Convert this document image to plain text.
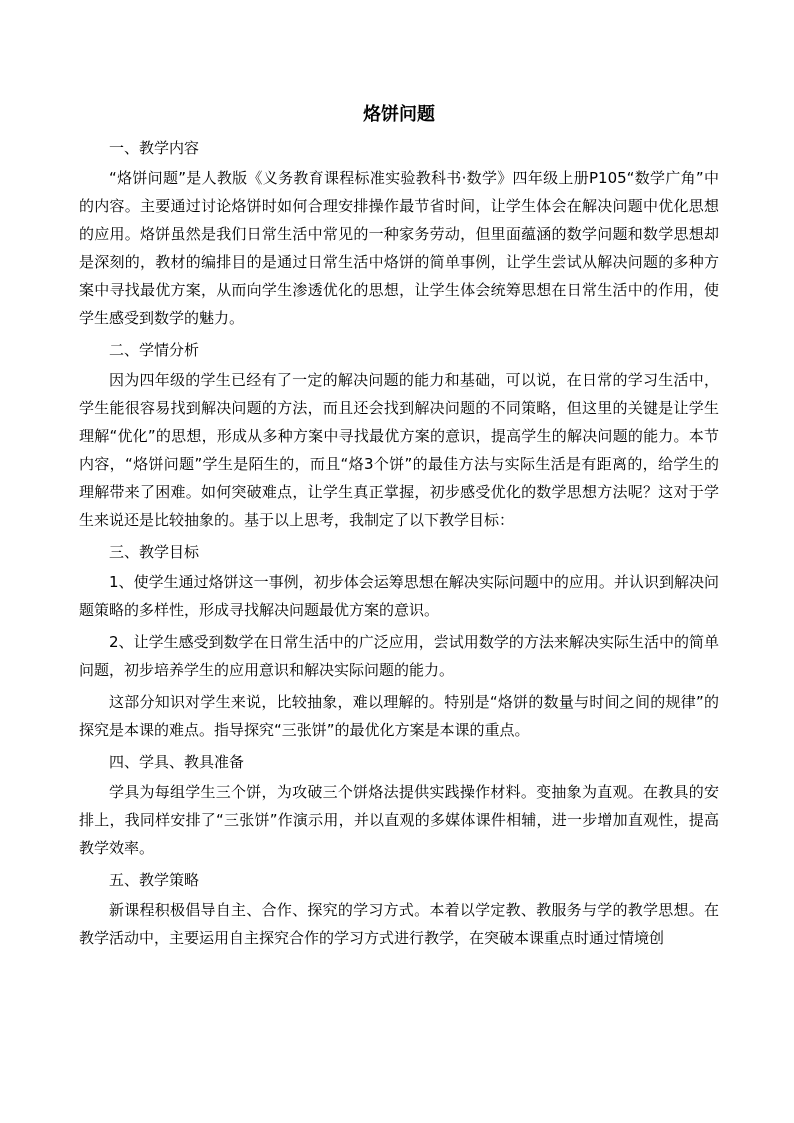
烙饼问题
一、教学内容

“烙饼问题”是人教版《义务教育课程标准实验教科书·数学》四年级上册P105“数学广角”中的内容。主要通过讨论烙饼时如何合理安排操作最节省时间，让学生体会在解决问题中优化思想的应用。烙饼虽然是我们日常生活中常见的一种家务劳动，但里面蕴涵的数学问题和数学思想却是深刻的，教材的编排目的是通过日常生活中烙饼的简单事例，让学生尝试从解决问题的多种方案中寻找最优方案，从而向学生渗透优化的思想，让学生体会统筹思想在日常生活中的作用，使学生感受到数学的魅力。

二、学情分析

因为四年级的学生已经有了一定的解决问题的能力和基础，可以说，在日常的学习生活中，学生能很容易找到解决问题的方法，而且还会找到解决问题的不同策略，但这里的关键是让学生理解“优化”的思想，形成从多种方案中寻找最优方案的意识，提高学生的解决问题的能力。本节内容，“烙饼问题”学生是陌生的，而且“烙3个饼”的最佳方法与实际生活是有距离的，给学生的理解带来了困难。如何突破难点，让学生真正掌握，初步感受优化的数学思想方法呢？这对于学生来说还是比较抽象的。基于以上思考，我制定了以下教学目标：

三、教学目标

1、使学生通过烙饼这一事例，初步体会运筹思想在解决实际问题中的应用。并认识到解决问题策略的多样性，形成寻找解决问题最优方案的意识。

2、让学生感受到数学在日常生活中的广泛应用，尝试用数学的方法来解决实际生活中的简单问题，初步培养学生的应用意识和解决实际问题的能力。

这部分知识对学生来说，比较抽象，难以理解的。特别是“烙饼的数量与时间之间的规律”的探究是本课的难点。指导探究“三张饼”的最优化方案是本课的重点。

四、学具、教具准备

学具为每组学生三个饼，为攻破三个饼烙法提供实践操作材料。变抽象为直观。在教具的安排上，我同样安排了“三张饼”作演示用，并以直观的多媒体课件相辅，进一步增加直观性，提高教学效率。

五、教学策略

新课程积极倡导自主、合作、探究的学习方式。本着以学定教、教服务与学的教学思想。在教学活动中，主要运用自主探究合作的学习方式进行教学，在突破本课重点时通过情境创
